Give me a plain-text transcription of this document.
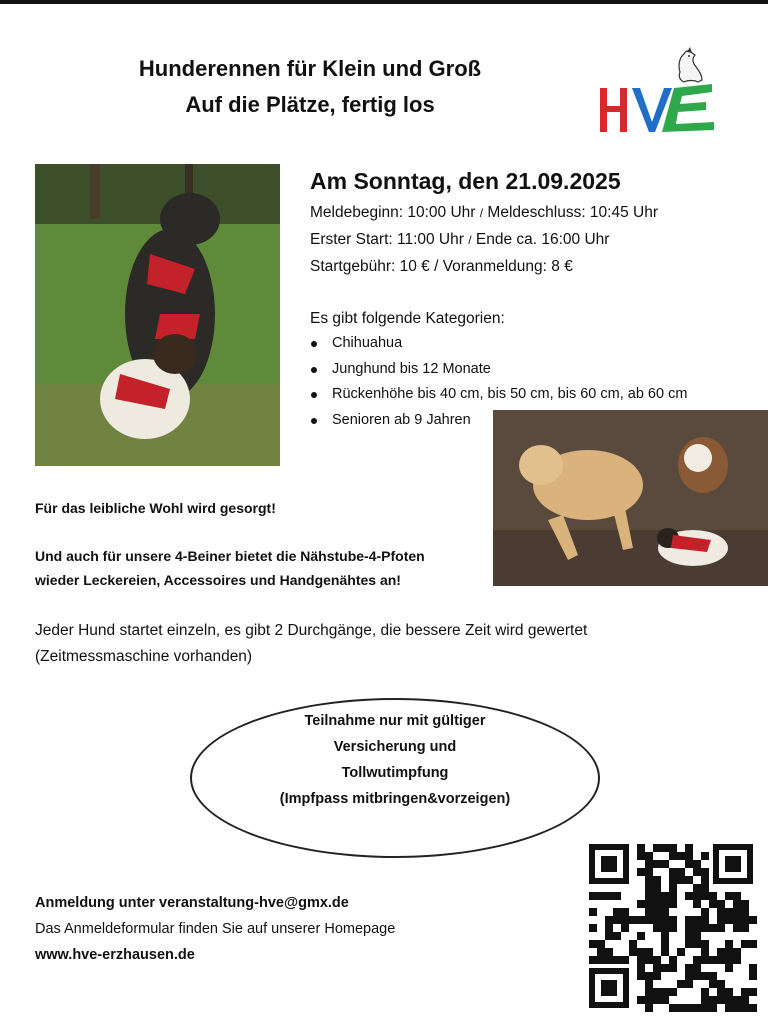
Hunderennen für Klein und Groß
Auf die Plätze, fertig los
Am Sonntag, den 21.09.2025
Meldebeginn: 10:00 Uhr / Meldeschluss: 10:45 Uhr
Erster Start: 11:00 Uhr / Ende ca. 16:00 Uhr
Startgebühr: 10 € / Voranmeldung: 8 €
Es gibt folgende Kategorien:
Chihuahua
Junghund bis 12 Monate
Rückenhöhe bis 40 cm, bis 50 cm, bis 60 cm, ab 60 cm
Senioren ab 9 Jahren
Für das leibliche Wohl wird gesorgt!
Und auch für unsere 4-Beiner bietet die Nähstube-4-Pfoten
wieder Leckereien, Accessoires und Handgenähtes an!
Jeder Hund startet einzeln, es gibt 2 Durchgänge, die bessere Zeit wird gewertet
(Zeitmessmaschine vorhanden)
Teilnahme nur mit gültiger
Versicherung und
Tollwutimpfung
(Impfpass mitbringen&vorzeigen)
Anmeldung unter veranstaltung-hve@gmx.de
Das Anmeldeformular finden Sie auf unserer Homepage
www.hve-erzhausen.de
